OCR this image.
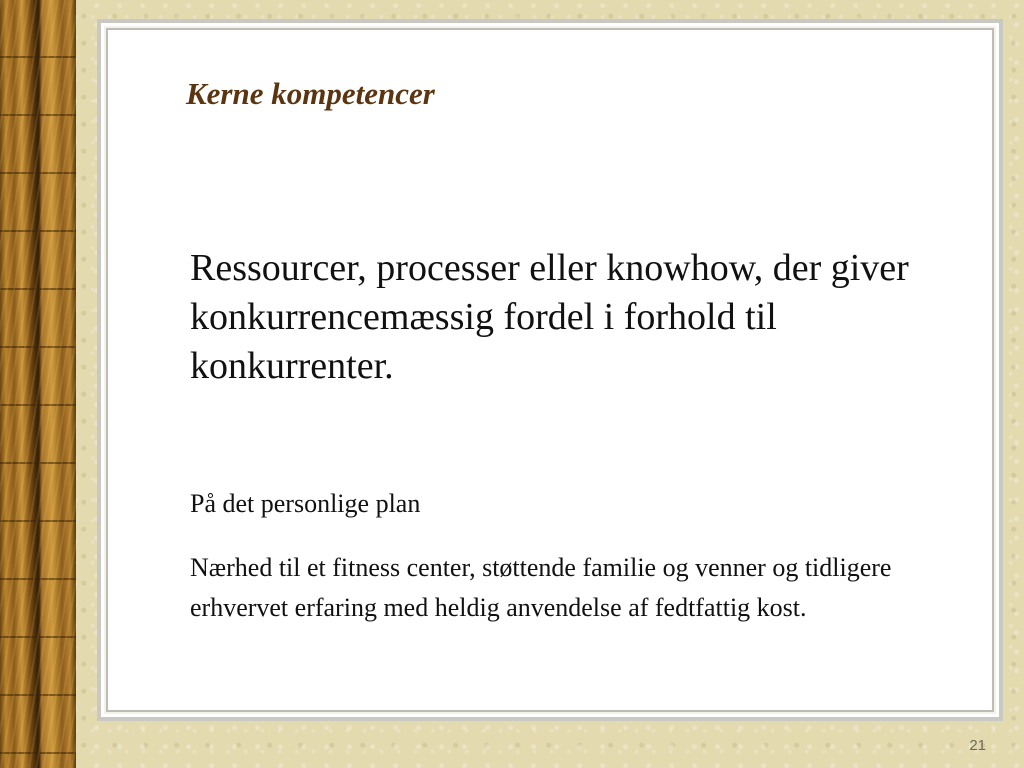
Kerne kompetencer

Ressourcer, processer eller knowhow, der giver konkurrencemæssig fordel i forhold til konkurrenter.

På det personlige plan

Nærhed til et fitness center, støttende familie og venner og tidligere erhvervet erfaring med heldig anvendelse af fedtfattig kost.

21
